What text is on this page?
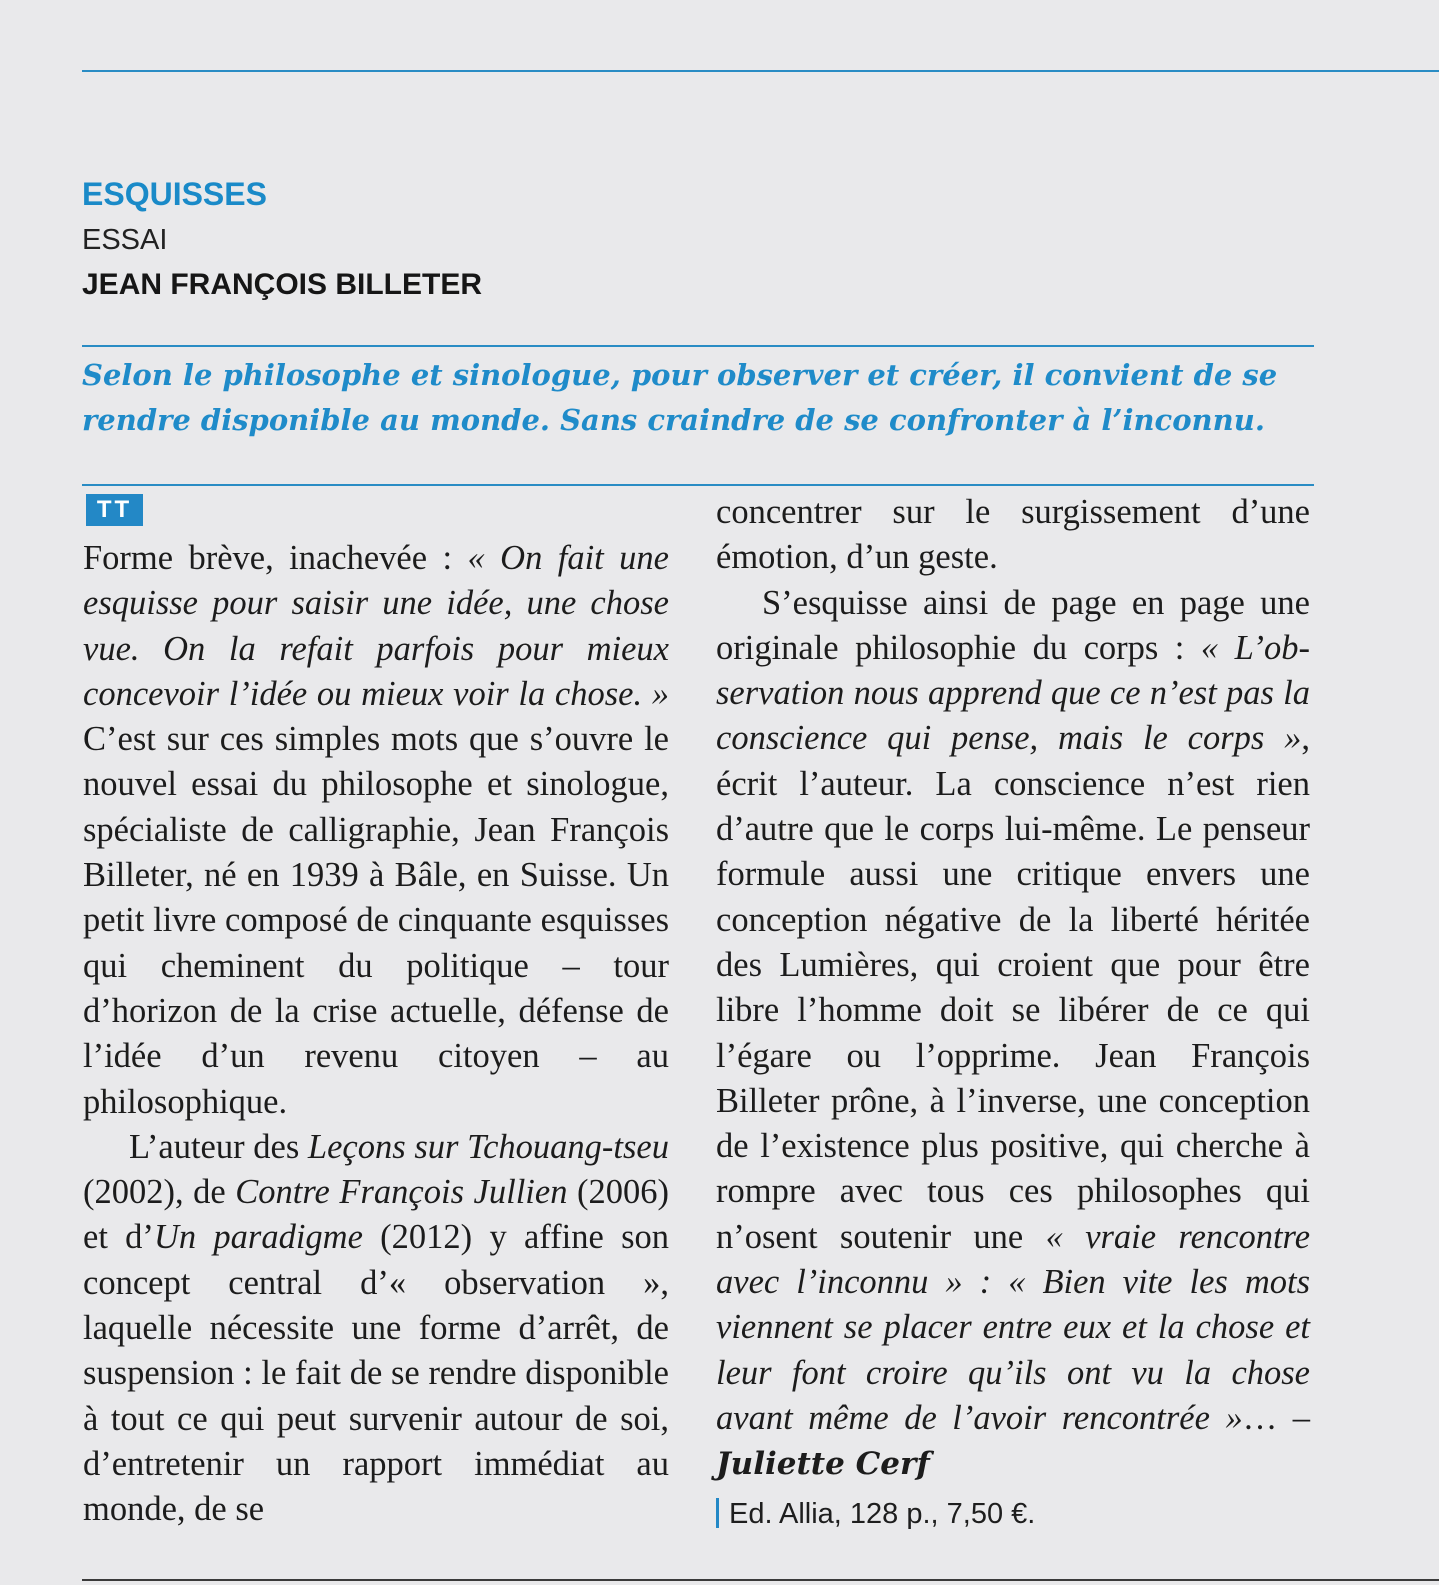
ESQUISSES
ESSAI
JEAN FRANÇOIS BILLETER
Selon le philosophe et sinologue, pour observer et créer, il convient de se rendre disponible au monde. Sans craindre de se confronter à l’inconnu.
TT

Forme brève, inachevée : « On fait une esquisse pour saisir une idée, une chose vue. On la refait parfois pour mieux concevoir l’idée ou mieux voir la chose. » C’est sur ces simples mots que s’ouvre le nouvel essai du philosophe et sinologue, spécialiste de calligraphie, Jean François Billeter, né en 1939 à Bâle, en Suisse. Un petit livre composé de cinquante esquisses qui cheminent du politique – tour d’horizon de la crise actuelle, défense de l’idée d’un revenu citoyen – au philosophique.

L’auteur des Leçons sur Tchouang-tseu (2002), de Contre François Jullien (2006) et d’Un paradigme (2012) y affine son concept central d’« observation », laquelle nécessite une forme d’arrêt, de suspension : le fait de se rendre disponible à tout ce qui peut survenir autour de soi, d’entretenir un rapport immédiat au monde, de se

concentrer sur le surgissement d’une émotion, d’un geste.

S’esquisse ainsi de page en page une originale philosophie du corps : « L’observation nous apprend que ce n’est pas la conscience qui pense, mais le corps », écrit l’auteur. La conscience n’est rien d’autre que le corps lui-même. Le penseur formule aussi une critique envers une conception négative de la liberté héritée des Lumières, qui croient que pour être libre l’homme doit se libérer de ce qui l’égare ou l’opprime. Jean François Billeter prône, à l’inverse, une conception de l’existence plus positive, qui cherche à rompre avec tous ces philosophes qui n’osent soutenir une « vraie rencontre avec l’inconnu » : « Bien vite les mots viennent se placer entre eux et la chose et leur font croire qu’ils ont vu la chose avant même de l’avoir rencontrée »… – Juliette Cerf

Ed. Allia, 128 p., 7,50 €.
